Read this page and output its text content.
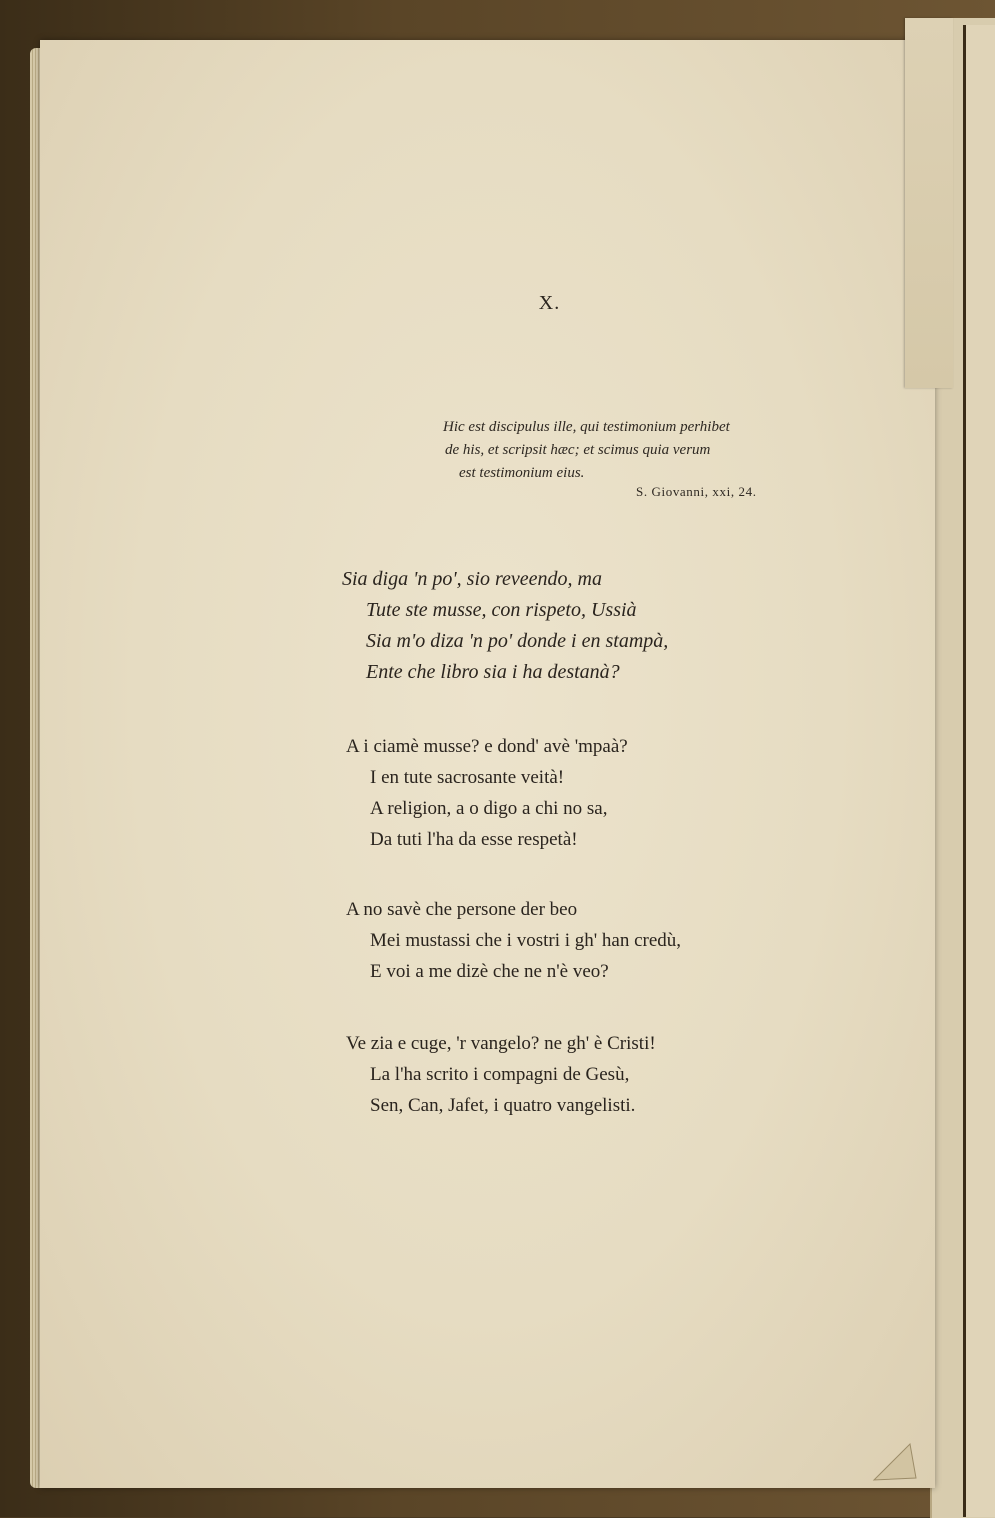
X.
Hic est discipulus ille, qui testimonium perhibet
de his, et scripsit hæc; et scimus quia verum
est testimonium eius.
S. Giovanni, xxi, 24.
Sia diga 'n po', sio reveendo, ma
Tute ste musse, con rispeto, Ussià
Sia m'o diza 'n po' donde i en stampà,
Ente che libro sia i ha destanà?
A i ciamè musse? e dond' avè 'mpaà?
I en tute sacrosante veità!
A religion, a o digo a chi no sa,
Da tuti l'ha da esse respetà!
A no savè che persone der beo
Mei mustassi che i vostri i gh' han credù,
E voi a me dizè che ne n'è veo?
Ve zia e cuge, 'r vangelo? ne gh' è Cristi!
La l'ha scrito i compagni de Gesù,
Sen, Can, Jafet, i quatro vangelisti.
